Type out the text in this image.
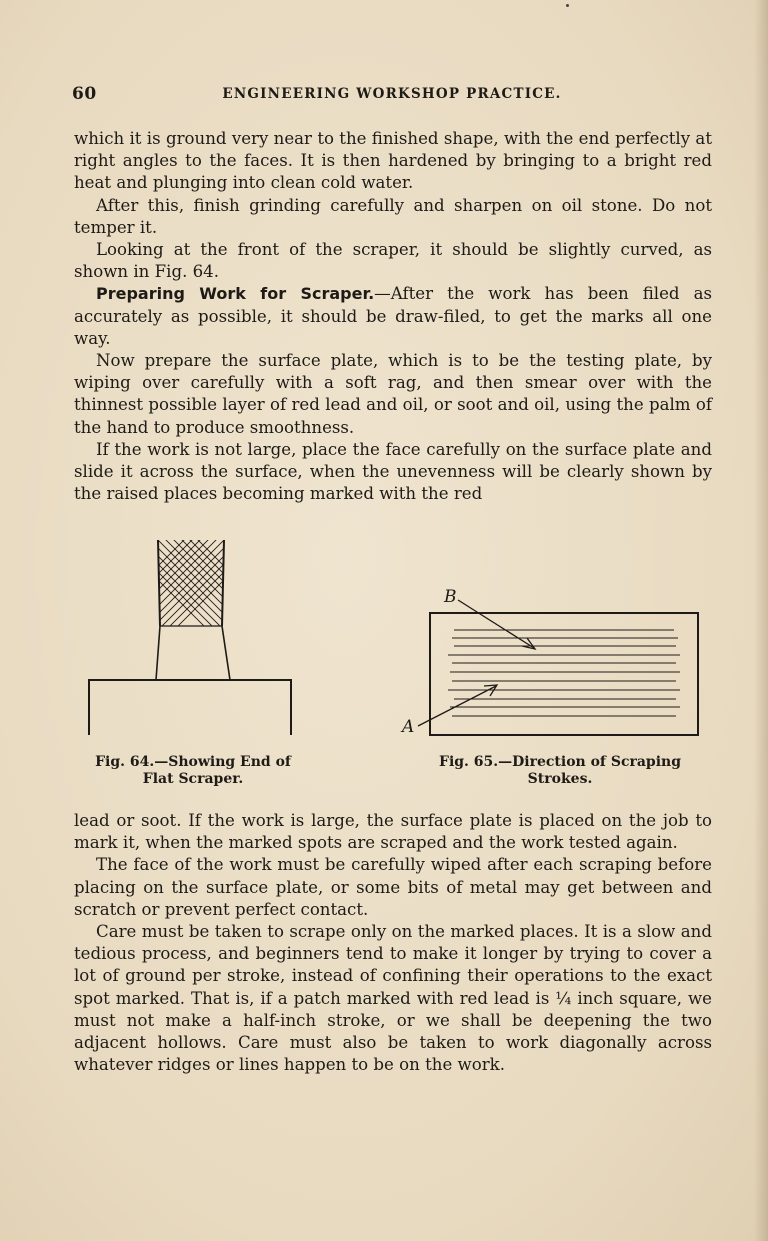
60	ENGINEERING WORKSHOP PRACTICE.

which it is ground very near to the finished shape, with the end perfectly at right angles to the faces. It is then hardened by bringing to a bright red heat and plunging into clean cold water.

After this, finish grinding carefully and sharpen on oil stone. Do not temper it.

Looking at the front of the scraper, it should be slightly curved, as shown in Fig. 64.

Preparing Work for Scraper.—After the work has been filed as accurately as possible, it should be draw-filed, to get the marks all one way.

Now prepare the surface plate, which is to be the testing plate, by wiping over carefully with a soft rag, and then smear over with the thinnest possible layer of red lead and oil, or soot and oil, using the palm of the hand to produce smoothness.

If the work is not large, place the face carefully on the surface plate and slide it across the surface, when the unevenness will be clearly shown by the raised places becoming marked with the red

B
A
Fig. 64.—Showing End of
Flat Scraper.
Fig. 65.—Direction of Scraping
Strokes.

lead or soot. If the work is large, the surface plate is placed on the job to mark it, when the marked spots are scraped and the work tested again.

The face of the work must be carefully wiped after each scraping before placing on the surface plate, or some bits of metal may get between and scratch or prevent perfect contact.

Care must be taken to scrape only on the marked places. It is a slow and tedious process, and beginners tend to make it longer by trying to cover a lot of ground per stroke, instead of confining their operations to the exact spot marked. That is, if a patch marked with red lead is ¼ inch square, we must not make a half-inch stroke, or we shall be deepening the two adjacent hollows. Care must also be taken to work diagonally across whatever ridges or lines happen to be on the work.
